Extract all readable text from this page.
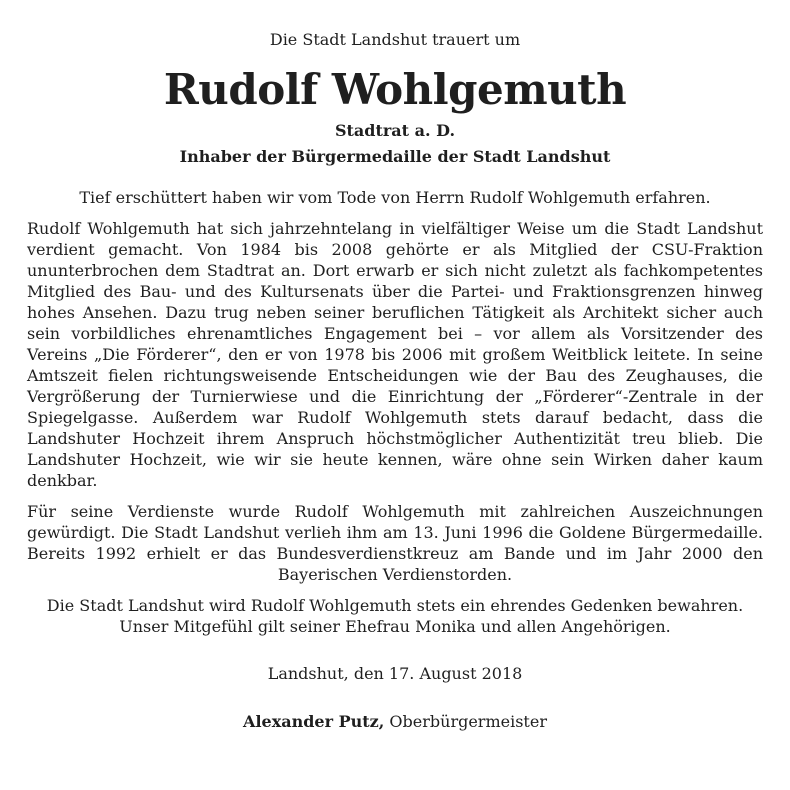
Die Stadt Landshut trauert um

Rudolf Wohlgemuth

Stadtrat a. D.

Inhaber der Bürgermedaille der Stadt Landshut

Tief erschüttert haben wir vom Tode von Herrn Rudolf Wohlgemuth erfahren.

Rudolf Wohlgemuth hat sich jahrzehntelang in vielfältiger Weise um die Stadt Landshut verdient gemacht. Von 1984 bis 2008 gehörte er als Mitglied der CSU-Fraktion ununterbrochen dem Stadtrat an. Dort erwarb er sich nicht zuletzt als fachkompetentes Mitglied des Bau- und des Kultursenats über die Partei- und Fraktionsgrenzen hinweg hohes Ansehen. Dazu trug neben seiner beruflichen Tätigkeit als Architekt sicher auch sein vorbildliches ehrenamtliches Engagement bei – vor allem als Vorsitzender des Vereins „Die Förderer“, den er von 1978 bis 2006 mit großem Weitblick leitete. In seine Amtszeit fielen richtungsweisende Entscheidungen wie der Bau des Zeughauses, die Vergrößerung der Turnierwiese und die Einrichtung der „Förderer“-Zentrale in der Spiegelgasse. Außerdem war Rudolf Wohlgemuth stets darauf bedacht, dass die Landshuter Hochzeit ihrem Anspruch höchstmöglicher Authentizität treu blieb. Die Landshuter Hochzeit, wie wir sie heute kennen, wäre ohne sein Wirken daher kaum denkbar.

Für seine Verdienste wurde Rudolf Wohlgemuth mit zahlreichen Auszeichnungen gewürdigt. Die Stadt Landshut verlieh ihm am 13. Juni 1996 die Goldene Bürgermedaille. Bereits 1992 erhielt er das Bundesverdienstkreuz am Bande und im Jahr 2000 den Bayerischen Verdienstorden.

Die Stadt Landshut wird Rudolf Wohlgemuth stets ein ehrendes Gedenken bewahren. Unser Mitgefühl gilt seiner Ehefrau Monika und allen Angehörigen.

Landshut, den 17. August 2018

Alexander Putz, Oberbürgermeister
